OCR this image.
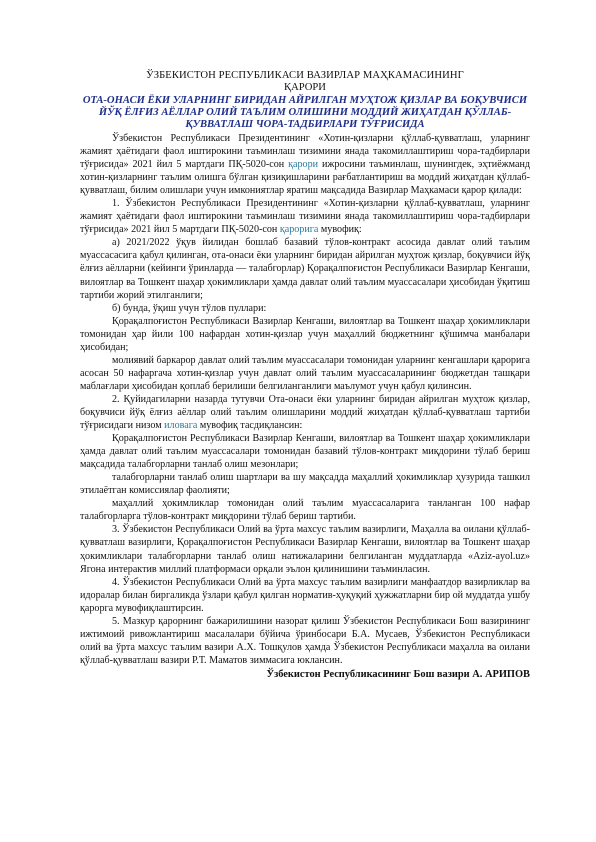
ЎЗБЕКИСТОН РЕСПУБЛИКАСИ ВАЗИРЛАР МАҲКАМАСИНИНГ
ҚАРОРИ
ОТА-ОНАСИ ЁКИ УЛАРНИНГ БИРИДАН АЙРИЛГАН МУҲТОЖ ҚИЗЛАР ВА БОҚУВЧИСИ ЙЎҚ ЁЛҒИЗ АЁЛЛАР ОЛИЙ ТАЪЛИМ ОЛИШИНИ МОДДИЙ ЖИҲАТДАН ҚЎЛЛАБ-ҚУВВАТЛАШ ЧОРА-ТАДБИРЛАРИ ТЎҒРИСИДА

Ўзбекистон Республикаси Президентининг «Хотин-қизларни қўллаб-қувватлаш, уларнинг жамият ҳаётидаги фаол иштирокини таъминлаш тизимини янада такомиллаштириш чора-тадбирлари тўғрисида» 2021 йил 5 мартдаги ПҚ-5020-сон қарори ижросини таъминлаш, шунингдек, эҳтиёжманд хотин-қизларнинг таълим олишга бўлган қизиқишларини рағбатлантириш ва моддий жиҳатдан қўллаб-қувватлаш, билим олишлари учун имкониятлар яратиш мақсадида Вазирлар Маҳкамаси қарор қилади:

1. Ўзбекистон Республикаси Президентининг «Хотин-қизларни қўллаб-қувватлаш, уларнинг жамият ҳаётидаги фаол иштирокини таъминлаш тизимини янада такомиллаштириш чора-тадбирлари тўғрисида» 2021 йил 5 мартдаги ПҚ-5020-сон қарорига мувофиқ:

а) 2021/2022 ўқув йилидан бошлаб базавий тўлов-контракт асосида давлат олий таълим муассасасига қабул қилинган, ота-онаси ёки уларнинг биридан айрилган муҳтож қизлар, боқувчиси йўқ ёлғиз аёлларни (кейинги ўринларда — талабгорлар) Қорақалпоғистон Республикаси Вазирлар Кенгаши, вилоятлар ва Тошкент шаҳар ҳокимликлари ҳамда давлат олий таълим муассасалари ҳисобидан ўқитиш тартиби жорий этилганлиги;

б) бунда, ўқиш учун тўлов пуллари:

Қорақалпоғистон Республикаси Вазирлар Кенгаши, вилоятлар ва Тошкент шаҳар ҳокимликлари томонидан ҳар йили 100 нафардан хотин-қизлар учун маҳаллий бюджетнинг қўшимча манбалари ҳисобидан;

молиявий баркарор давлат олий таълим муассасалари томонидан уларнинг кенгашлари қарорига асосан 50 нафаргача хотин-қизлар учун давлат олий таълим муассасаларининг бюджетдан ташқари маблағлари ҳисобидан қоплаб берилиши белгиланганлиги маълумот учун қабул қилинсин.

2. Қуйидагиларни назарда тутувчи Ота-онаси ёки уларнинг биридан айрилган муҳтож қизлар, боқувчиси йўқ ёлғиз аёллар олий таълим олишларини моддий жиҳатдан қўллаб-қувватлаш тартиби тўғрисидаги низом иловага мувофиқ тасдиқлансин:

Қорақалпоғистон Республикаси Вазирлар Кенгаши, вилоятлар ва Тошкент шаҳар ҳокимликлари ҳамда давлат олий таълим муассасалари томонидан базавий тўлов-контракт миқдорини тўлаб бериш мақсадида талабгорларни танлаб олиш мезонлари;

талабгорларни танлаб олиш шартлари ва шу мақсадда маҳаллий ҳокимликлар ҳузурида ташкил этилаётган комиссиялар фаолияти;

маҳаллий ҳокимликлар томонидан олий таълим муассасаларига танланган 100 нафар талабгорларга тўлов-контракт миқдорини тўлаб бериш тартиби.

3. Ўзбекистон Республикаси Олий ва ўрта махсус таълим вазирлиги, Маҳалла ва оилани қўллаб-қувватлаш вазирлиги, Қорақалпоғистон Республикаси Вазирлар Кенгаши, вилоятлар ва Тошкент шаҳар ҳокимликлари талабгорларни танлаб олиш натижаларини белгиланган муддатларда «Aziz-ayol.uz» Ягона интерактив миллий платформаси орқали эълон қилинишини таъминласин.

4. Ўзбекистон Республикаси Олий ва ўрта махсус таълим вазирлиги манфаатдор вазирликлар ва идоралар билан биргаликда ўзлари қабул қилган норматив-ҳуқуқий ҳужжатларни бир ой муддатда ушбу қарорга мувофиқлаштирсин.

5. Мазкур қарорнинг бажарилишини назорат қилиш Ўзбекистон Республикаси Бош вазирининг ижтимоий ривожлантириш масалалари бўйича ўринбосари Б.А. Мусаев, Ўзбекистон Республикаси олий ва ўрта махсус таълим вазири А.Х. Тошқулов ҳамда Ўзбекистон Республикаси маҳалла ва оилани қўллаб-қувватлаш вазири Р.Т. Маматов зиммасига юклансин.

Ўзбекистон Республикасининг Бош вазири А. АРИПОВ
